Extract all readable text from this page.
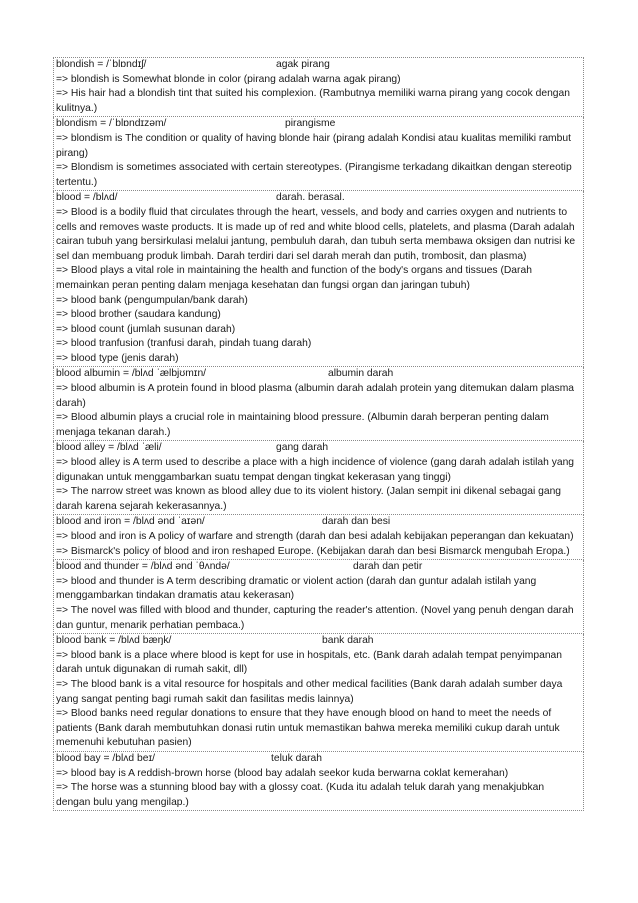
blondish = /ˈblɒndɪʃ/	agak pirang
=> blondish is Somewhat blonde in color (pirang adalah warna agak pirang)
=> His hair had a blondish tint that suited his complexion. (Rambutnya memiliki warna pirang yang cocok dengan kulitnya.)
blondism = /ˈblɒndɪzəm/	pirangisme
=> blondism is The condition or quality of having blonde hair (pirang adalah Kondisi atau kualitas memiliki rambut pirang)
=> Blondism is sometimes associated with certain stereotypes. (Pirangisme terkadang dikaitkan dengan stereotip tertentu.)
blood = /blʌd/	darah. berasal.
=> Blood is a bodily fluid that circulates through the heart, vessels, and body and carries oxygen and nutrients to cells and removes waste products. It is made up of red and white blood cells, platelets, and plasma (Darah adalah cairan tubuh yang bersirkulasi melalui jantung, pembuluh darah, dan tubuh serta membawa oksigen dan nutrisi ke sel dan membuang produk limbah. Darah terdiri dari sel darah merah dan putih, trombosit, dan plasma)
=> Blood plays a vital role in maintaining the health and function of the body's organs and tissues (Darah memainkan peran penting dalam menjaga kesehatan dan fungsi organ dan jaringan tubuh)
=> blood bank (pengumpulan/bank darah)
=> blood brother (saudara kandung)
=> blood count (jumlah susunan darah)
=> blood tranfusion (tranfusi darah, pindah tuang darah)
=> blood type (jenis darah)
blood albumin = /blʌd ˈælbjʊmɪn/	albumin darah
=> blood albumin is A protein found in blood plasma (albumin darah adalah protein yang ditemukan dalam plasma darah)
=> Blood albumin plays a crucial role in maintaining blood pressure. (Albumin darah berperan penting dalam menjaga tekanan darah.)
blood alley = /blʌd ˈæli/	gang darah
=> blood alley is A term used to describe a place with a high incidence of violence (gang darah adalah istilah yang digunakan untuk menggambarkan suatu tempat dengan tingkat kekerasan yang tinggi)
=> The narrow street was known as blood alley due to its violent history. (Jalan sempit ini dikenal sebagai gang darah karena sejarah kekerasannya.)
blood and iron = /blʌd ənd ˈaɪən/	darah dan besi
=> blood and iron is A policy of warfare and strength (darah dan besi adalah kebijakan peperangan dan kekuatan)
=> Bismarck's policy of blood and iron reshaped Europe. (Kebijakan darah dan besi Bismarck mengubah Eropa.)
blood and thunder = /blʌd ənd ˈθʌndə/	darah dan petir
=> blood and thunder is A term describing dramatic or violent action (darah dan guntur adalah istilah yang menggambarkan tindakan dramatis atau kekerasan)
=> The novel was filled with blood and thunder, capturing the reader's attention. (Novel yang penuh dengan darah dan guntur, menarik perhatian pembaca.)
blood bank = /blʌd bæŋk/	bank darah
=> blood bank is a place where blood is kept for use in hospitals, etc. (Bank darah adalah tempat penyimpanan darah untuk digunakan di rumah sakit, dll)
=> The blood bank is a vital resource for hospitals and other medical facilities (Bank darah adalah sumber daya yang sangat penting bagi rumah sakit dan fasilitas medis lainnya)
=> Blood banks need regular donations to ensure that they have enough blood on hand to meet the needs of patients (Bank darah membutuhkan donasi rutin untuk memastikan bahwa mereka memiliki cukup darah untuk memenuhi kebutuhan pasien)
blood bay = /blʌd beɪ/	teluk darah
=> blood bay is A reddish-brown horse (blood bay adalah seekor kuda berwarna coklat kemerahan)
=> The horse was a stunning blood bay with a glossy coat. (Kuda itu adalah teluk darah yang menakjubkan dengan bulu yang mengilap.)
